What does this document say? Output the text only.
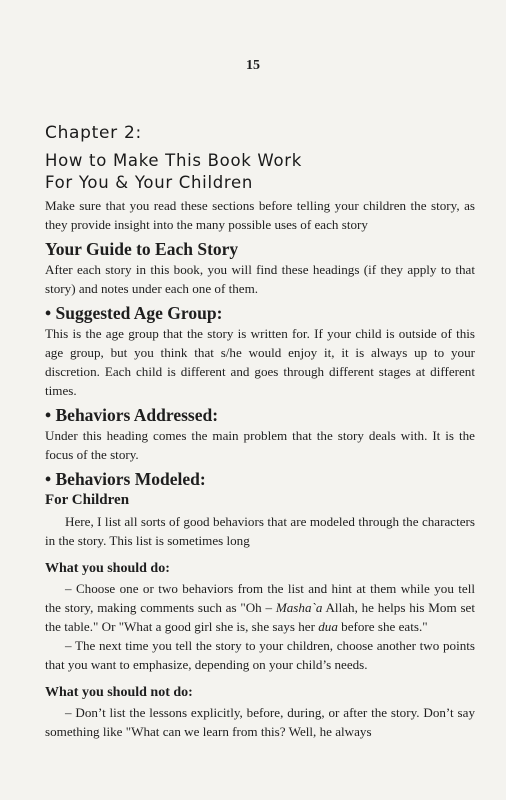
15
Chapter 2:
How to Make This Book Work
For You & Your Children

Make sure that you read these sections before telling your children the story, as they provide insight into the many possible uses of each story

Your Guide to Each Story

After each story in this book, you will find these headings (if they apply to that story) and notes under each one of them.

• Suggested Age Group:

This is the age group that the story is written for. If your child is outside of this age group, but you think that s/he would enjoy it, it is always up to your discretion. Each child is different and goes through different stages at different times.

• Behaviors Addressed:

Under this heading comes the main problem that the story deals with. It is the focus of the story.

• Behaviors Modeled:
For Children

Here, I list all sorts of good behaviors that are modeled through the characters in the story. This list is sometimes long

What you should do:

– Choose one or two behaviors from the list and hint at them while you tell the story, making comments such as "Oh – Masha`a Allah, he helps his Mom set the table." Or "What a good girl she is, she says her dua before she eats."

– The next time you tell the story to your children, choose another two points that you want to emphasize, depending on your child’s needs.

What you should not do:

– Don’t list the lessons explicitly, before, during, or after the story. Don’t say something like "What can we learn from this? Well, he always
